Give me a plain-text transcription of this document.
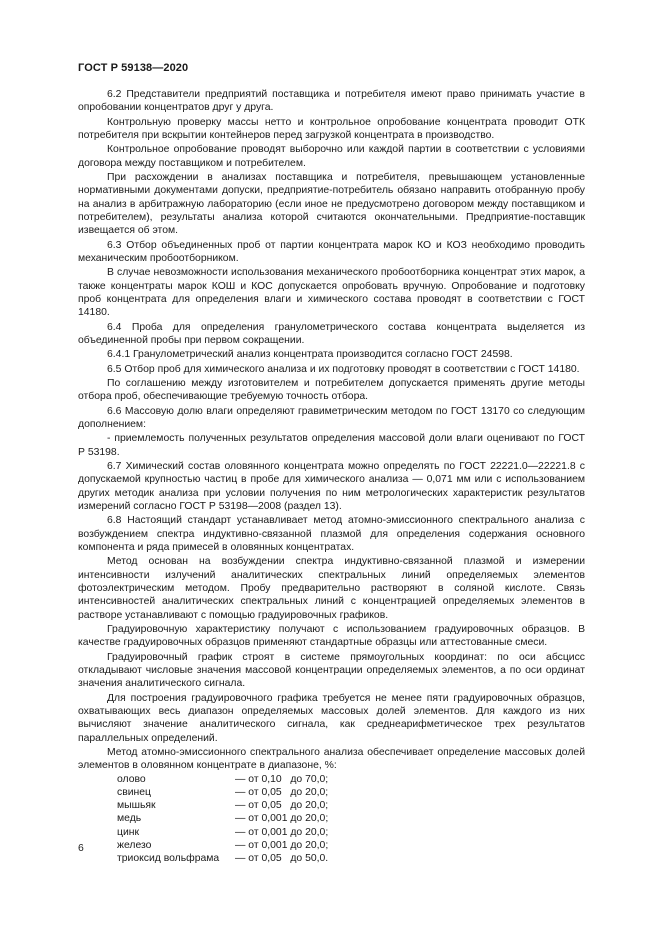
ГОСТ Р 59138—2020

6.2 Представители предприятий поставщика и потребителя имеют право принимать участие в опробовании концентратов друг у друга.

Контрольную проверку массы нетто и контрольное опробование концентрата проводит ОТК потребителя при вскрытии контейнеров перед загрузкой концентрата в производство.

Контрольное опробование проводят выборочно или каждой партии в соответствии с условиями договора между поставщиком и потребителем.

При расхождении в анализах поставщика и потребителя, превышающем установленные нормативными документами допуски, предприятие-потребитель обязано направить отобранную пробу на анализ в арбитражную лабораторию (если иное не предусмотрено договором между поставщиком и потребителем), результаты анализа которой считаются окончательными. Предприятие-поставщик извещается об этом.

6.3 Отбор объединенных проб от партии концентрата марок КО и КОЗ необходимо проводить механическим пробоотборником.

В случае невозможности использования механического пробоотборника концентрат этих марок, а также концентраты марок КОШ и КОС допускается опробовать вручную. Опробование и подготовку проб концентрата для определения влаги и химического состава проводят в соответствии с ГОСТ 14180.

6.4 Проба для определения гранулометрического состава концентрата выделяется из объединенной пробы при первом сокращении.

6.4.1 Гранулометрический анализ концентрата производится согласно ГОСТ 24598.

6.5 Отбор проб для химического анализа и их подготовку проводят в соответствии с ГОСТ 14180.

По соглашению между изготовителем и потребителем допускается применять другие методы отбора проб, обеспечивающие требуемую точность отбора.

6.6 Массовую долю влаги определяют гравиметрическим методом по ГОСТ 13170 со следующим дополнением:

- приемлемость полученных результатов определения массовой доли влаги оценивают по ГОСТ Р 53198.

6.7 Химический состав оловянного концентрата можно определять по ГОСТ 22221.0—22221.8 с допускаемой крупностью частиц в пробе для химического анализа — 0,071 мм или с использованием других методик анализа при условии получения по ним метрологических характеристик результатов измерений согласно ГОСТ Р 53198—2008 (раздел 13).

6.8 Настоящий стандарт устанавливает метод атомно-эмиссионного спектрального анализа с возбуждением спектра индуктивно-связанной плазмой для определения содержания основного компонента и ряда примесей в оловянных концентратах.

Метод основан на возбуждении спектра индуктивно-связанной плазмой и измерении интенсивности излучений аналитических спектральных линий определяемых элементов фотоэлектрическим методом. Пробу предварительно растворяют в соляной кислоте. Связь интенсивностей аналитических спектральных линий с концентрацией определяемых элементов в растворе устанавливают с помощью градуировочных графиков.

Градуировочную характеристику получают с использованием градуировочных образцов. В качестве градуировочных образцов применяют стандартные образцы или аттестованные смеси.

Градуировочный график строят в системе прямоугольных координат: по оси абсцисс откладывают числовые значения массовой концентрации определяемых элементов, а по оси ординат значения аналитического сигнала.

Для построения градуировочного графика требуется не менее пяти градуировочных образцов, охватывающих весь диапазон определяемых массовых долей элементов. Для каждого из них вычисляют значение аналитического сигнала, как среднеарифметическое трех результатов параллельных определений.

Метод атомно-эмиссионного спектрального анализа обеспечивает определение массовых долей элементов в оловянном концентрате в диапазоне, %:

олово	— от 0,10   до 70,0;
свинец	— от 0,05   до 20,0;
мышьяк	— от 0,05   до 20,0;
медь	— от 0,001 до 20,0;
цинк	— от 0,001 до 20,0;
железо	— от 0,001 до 20,0;
триоксид вольфрама	— от 0,05   до 50,0.
6
